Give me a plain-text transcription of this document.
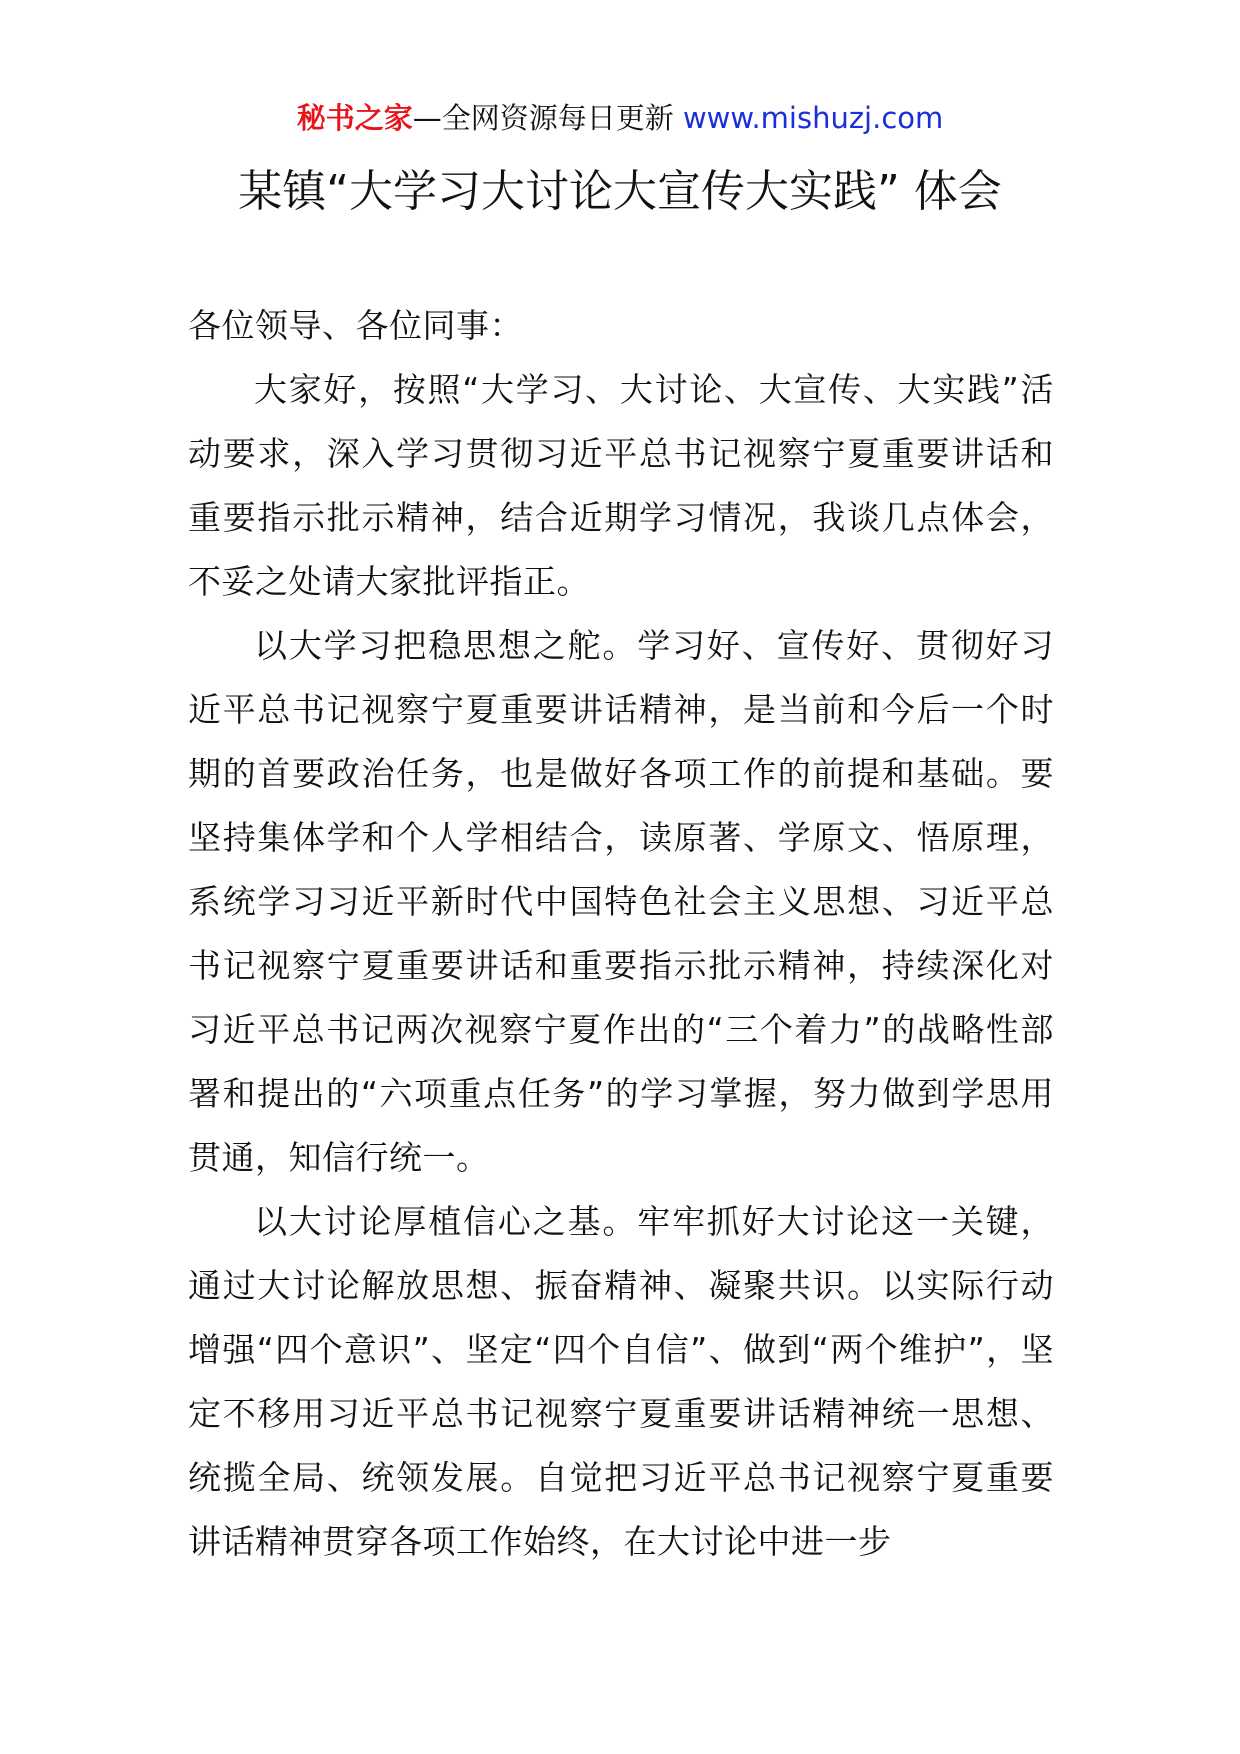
秘书之家—全网资源每日更新 www.mishuzj.com
某镇“大学习大讨论大宣传大实践” 体会

各位领导、各位同事：

大家好，按照“大学习、大讨论、大宣传、大实践”活动要求，深入学习贯彻习近平总书记视察宁夏重要讲话和重要指示批示精神，结合近期学习情况，我谈几点体会，不妥之处请大家批评指正。

以大学习把稳思想之舵。学习好、宣传好、贯彻好习近平总书记视察宁夏重要讲话精神，是当前和今后一个时期的首要政治任务，也是做好各项工作的前提和基础。要坚持集体学和个人学相结合，读原著、学原文、悟原理，系统学习习近平新时代中国特色社会主义思想、习近平总书记视察宁夏重要讲话和重要指示批示精神，持续深化对习近平总书记两次视察宁夏作出的“三个着力”的战略性部署和提出的“六项重点任务”的学习掌握，努力做到学思用贯通，知信行统一。

以大讨论厚植信心之基。牢牢抓好大讨论这一关键，通过大讨论解放思想、振奋精神、凝聚共识。以实际行动增强“四个意识”、坚定“四个自信”、做到“两个维护”，坚定不移用习近平总书记视察宁夏重要讲话精神统一思想、统揽全局、统领发展。自觉把习近平总书记视察宁夏重要讲话精神贯穿各项工作始终，在大讨论中进一步
